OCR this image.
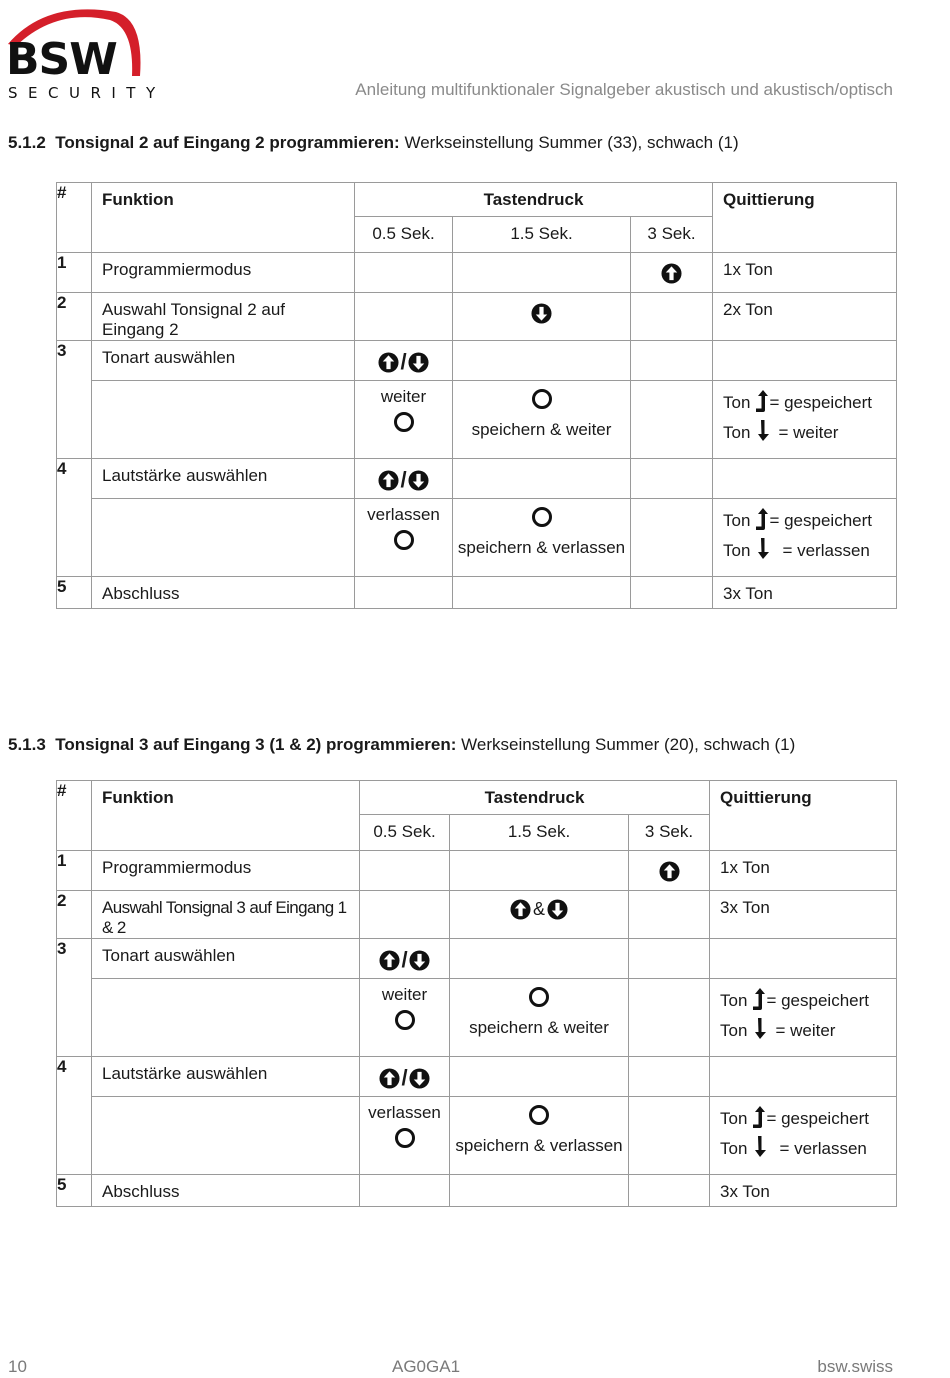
BSW
SECURITY	Anleitung multifunktionaler Signalgeber akustisch und akustisch/optisch
5.1.2 Tonsignal 2 auf Eingang 2 programmieren: Werkseinstellung Summer (33), schwach (1)
#	Funktion	Tastendruck			Quittierung

		0.5 Sek.	1.5 Sek.	3 Sek.	

1	Programmiermodus				1x Ton

2	Auswahl Tonsignal 2 auf Eingang 2				2x Ton

3	Tonart auswählen	/			

		weiter	speichern & weiter		Ton = gespeichert
Ton = weiter

4	Lautstärke auswählen	/			

		verlassen	speichern & verlassen		Ton = gespeichert
Ton = verlassen

5	Abschluss				3x Ton
5.1.3 Tonsignal 3 auf Eingang 3 (1 & 2) programmieren: Werkseinstellung Summer (20), schwach (1)
#	Funktion	Tastendruck			Quittierung

		0.5 Sek.	1.5 Sek.	3 Sek.	

1	Programmiermodus				1x Ton

2	Auswahl Tonsignal 3 auf Eingang 1 & 2		&		3x Ton

3	Tonart auswählen	/			

		weiter	speichern & weiter		Ton = gespeichert
Ton = weiter

4	Lautstärke auswählen	/			

		verlassen	speichern & verlassen		Ton = gespeichert
Ton = verlassen

5	Abschluss				3x Ton
10	AG0GA1	bsw.swiss
